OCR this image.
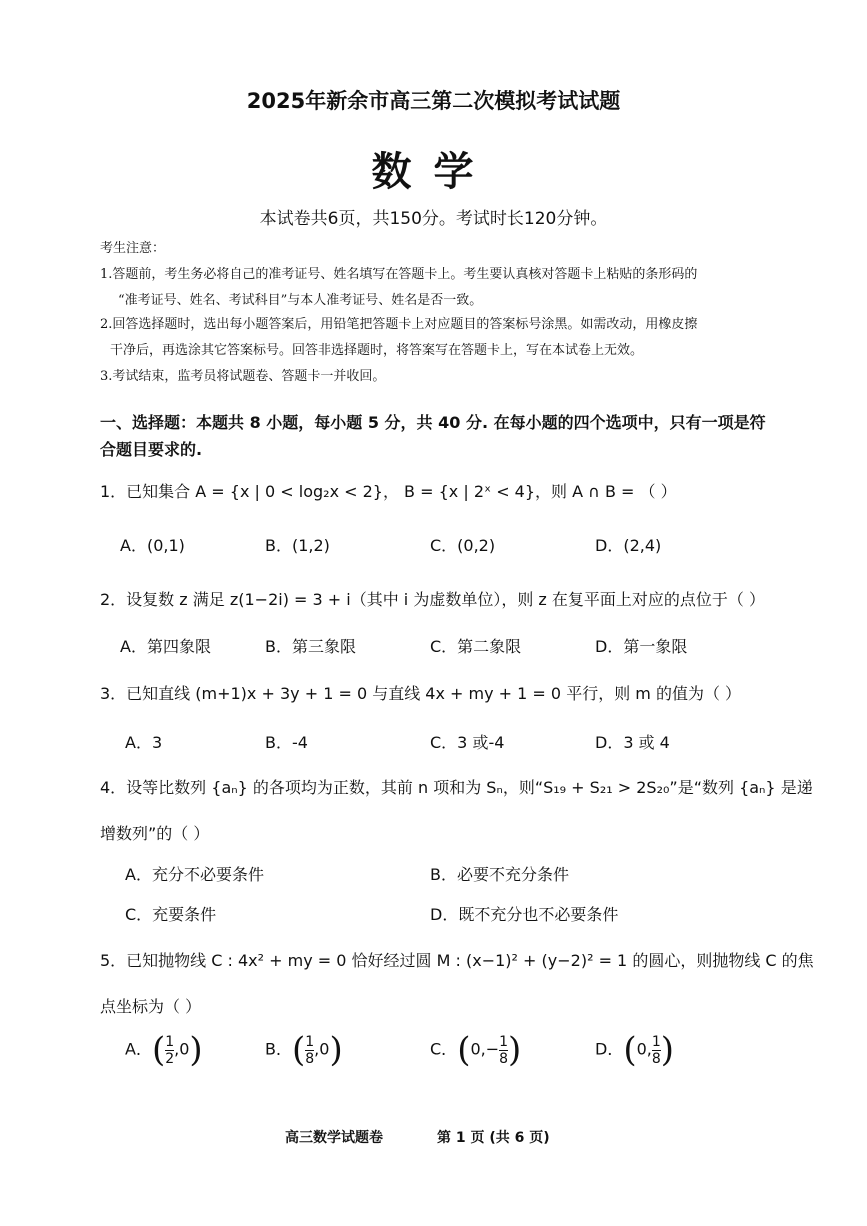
2025年新余市高三第二次模拟考试试题
数学
本试卷共6页，共150分。考试时长120分钟。
考生注意：
1.答题前，考生务必将自己的准考证号、姓名填写在答题卡上。考生要认真核对答题卡上粘贴的条形码的
“准考证号、姓名、考试科目”与本人准考证号、姓名是否一致。
2.回答选择题时，选出每小题答案后，用铅笔把答题卡上对应题目的答案标号涂黑。如需改动，用橡皮擦
干净后，再选涂其它答案标号。回答非选择题时，将答案写在答题卡上，写在本试卷上无效。
3.考试结束，监考员将试题卷、答题卡一并收回。
一、选择题：本题共 8 小题，每小题 5 分，共 40 分. 在每小题的四个选项中，只有一项是符
合题目要求的.
1．已知集合 A = {x | 0 < log₂x < 2}， B = {x | 2ˣ < 4}，则 A ∩ B = （ ）
A．(0,1)	B．(1,2)	C．(0,2)	D．(2,4)
2．设复数 z 满足 z(1−2i) = 3 + i（其中 i 为虚数单位），则 z 在复平面上对应的点位于（ ）
A．第四象限	B．第三象限	C．第二象限	D．第一象限
3．已知直线 (m+1)x + 3y + 1 = 0 与直线 4x + my + 1 = 0 平行，则 m 的值为（ ）
A．3	B．-4	C．3 或-4	D．3 或 4
4．设等比数列 {aₙ} 的各项均为正数，其前 n 项和为 Sₙ，则“S₁₉ + S₂₁ > 2S₂₀”是“数列 {aₙ} 是递
增数列”的（ ）
A．充分不必要条件	B．必要不充分条件
C．充要条件	D．既不充分也不必要条件
5．已知抛物线 C : 4x² + my = 0 恰好经过圆 M : (x−1)² + (y−2)² = 1 的圆心，则抛物线 C 的焦
点坐标为（ ）
A．( $\frac{1}{2} ,0$)	B．( $\frac{1}{8} ,0$)	C．($0,- \frac{1}{8}$ )	D．(0, $\frac{1}{8}$ )
高三数学试题卷	第 1 页 (共 6 页)
